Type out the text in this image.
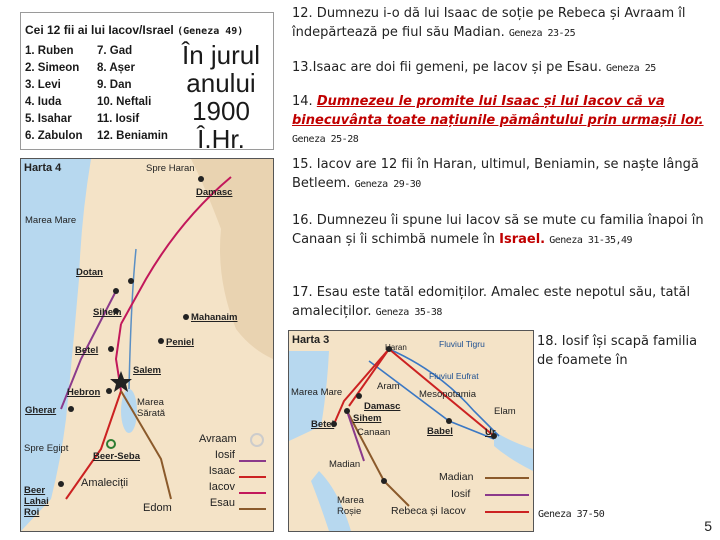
Cei 12 fii ai lui Iacov/Israel (Geneza 49)
1. Ruben
2. Simeon
3. Levi
4. Iuda
5. Isahar
6. Zabulon
7. Gad
8. Așer
9. Dan
10. Neftali
11. Iosif
12. Beniamin
În jurul
anului
1900 Î.Hr.
12. Dumnezu i-o dă lui Isaac de soție pe Rebeca și Avraam îl îndepărtează pe fiul său Madian. Geneza 23-25
13.Isaac are doi fii gemeni, pe Iacov și pe Esau. Geneza 25
14. Dumnezeu le promite lui Isaac și lui Iacov că va binecuvânta toate națiunile pământului prin urmașii lor.
Geneza 25-28
15. Iacov are 12 fii în Haran, ultimul, Beniamin, se naște lângă Betleem. Geneza 29-30
16. Dumnezeu îi spune lui Iacov să se mute cu familia înapoi în Canaan și îi schimbă numele în Israel. Geneza 31-35,49
17. Esau este tatăl edomiților. Amalec este nepotul său, tatăl amaleciților. Geneza 35-38
18. Iosif își scapă familia de foamete în
Geneza 37-50
Harta 4	Spre Haran
Damasc
Marea Mare
Dotan
Sihem	Mahanaim
Peniel
Betel
Salem
Hebron
Marea
Sărată
Gherar
Spre Egipt
Beer-Seba
Beer
Lahai
Roi
Amaleciții
Edom
Avraam
Iosif
Isaac
Iacov
Esau
Harta 3
Haran	Fluviul Tigru
Fluviul Eufrat
Marea Mare
Aram
Mesopotamia
Damasc
Sihem
Canaan
Betel
Babel	Ur
Elam
Madian
Madian
Iosif
Rebeca și Iacov
Marea
Roșie
5
